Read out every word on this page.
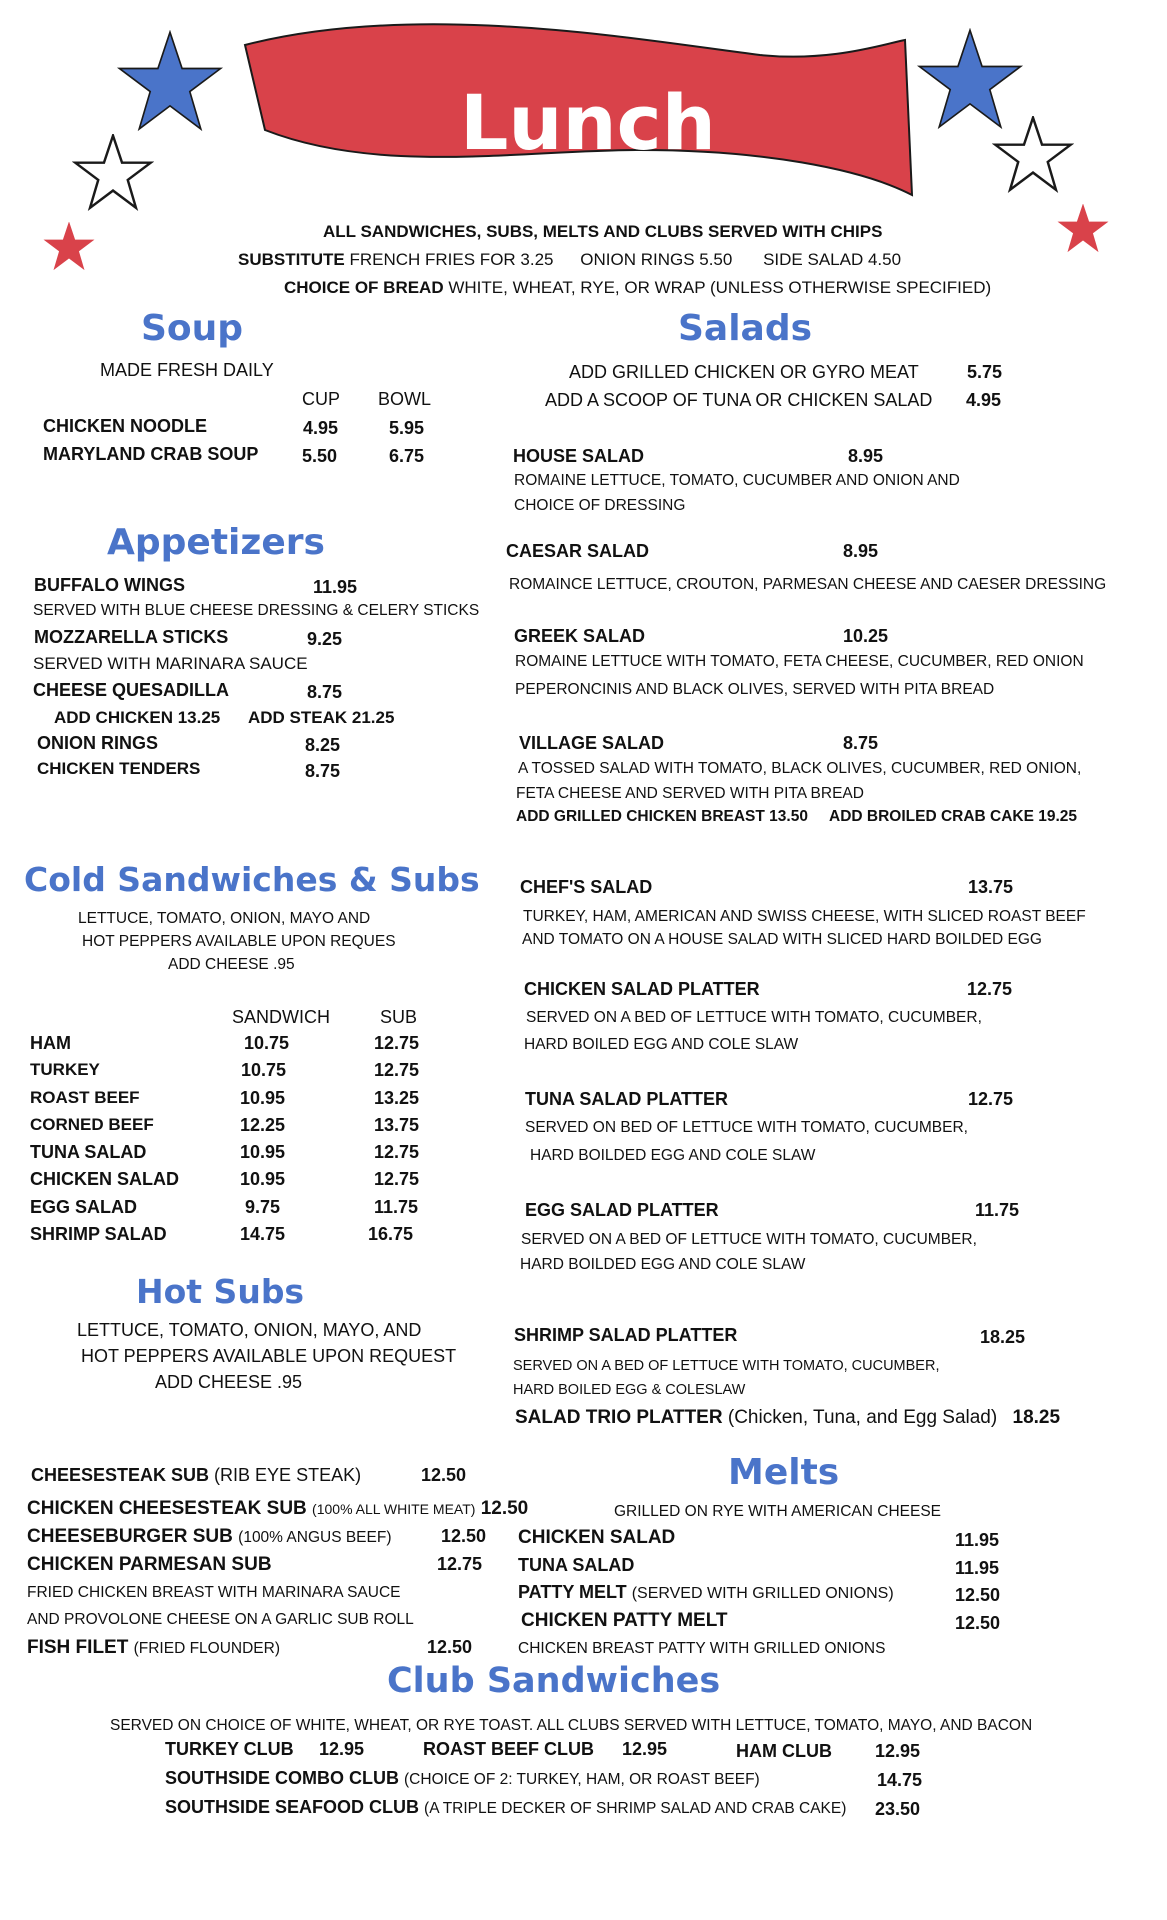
Lunch
ALL SANDWICHES, SUBS, MELTS AND CLUBS SERVED WITH CHIPS
SUBSTITUTE FRENCH FRIES FOR 3.25 ONION RINGS 5.50 SIDE SALAD 4.50
CHOICE OF BREAD WHITE, WHEAT, RYE, OR WRAP (UNLESS OTHERWISE SPECIFIED)
Soup
MADE FRESH DAILY
CUP BOWL
CHICKEN NOODLE	4.95	5.95
MARYLAND CRAB SOUP 5.50	6.75
Appetizers
BUFFALO WINGS	11.95
SERVED WITH BLUE CHEESE DRESSING & CELERY STICKS
MOZZARELLA STICKS	9.25
SERVED WITH MARINARA SAUCE
CHEESE QUESADILLA	8.75
ADD CHICKEN 13.25 ADD STEAK 21.25
ONION RINGS	8.25
CHICKEN TENDERS	8.75
Salads
ADD GRILLED CHICKEN OR GYRO MEAT	5.75
ADD A SCOOP OF TUNA OR CHICKEN SALAD 4.95
HOUSE SALAD	8.95
ROMAINE LETTUCE, TOMATO, CUCUMBER AND ONION AND
CHOICE OF DRESSING
CAESAR SALAD	8.95
ROMAINCE LETTUCE, CROUTON, PARMESAN CHEESE AND CAESER DRESSING
GREEK SALAD	10.25
ROMAINE LETTUCE WITH TOMATO, FETA CHEESE, CUCUMBER, RED ONION
PEPERONCINIS AND BLACK OLIVES, SERVED WITH PITA BREAD
VILLAGE SALAD	8.75
A TOSSED SALAD WITH TOMATO, BLACK OLIVES, CUCUMBER, RED ONION,
FETA CHEESE AND SERVED WITH PITA BREAD
ADD GRILLED CHICKEN BREAST 13.50 ADD BROILED CRAB CAKE 19.25
CHEF'S SALAD	13.75
TURKEY, HAM, AMERICAN AND SWISS CHEESE, WITH SLICED ROAST BEEF
AND TOMATO ON A HOUSE SALAD WITH SLICED HARD BOILDED EGG
CHICKEN SALAD PLATTER	12.75
SERVED ON A BED OF LETTUCE WITH TOMATO, CUCUMBER,
HARD BOILED EGG AND COLE SLAW
TUNA SALAD PLATTER	12.75
SERVED ON BED OF LETTUCE WITH TOMATO, CUCUMBER,
HARD BOILDED EGG AND COLE SLAW
EGG SALAD PLATTER	11.75
SERVED ON A BED OF LETTUCE WITH TOMATO, CUCUMBER,
HARD BOILDED EGG AND COLE SLAW
SHRIMP SALAD PLATTER	18.25
SERVED ON A BED OF LETTUCE WITH TOMATO, CUCUMBER,
HARD BOILED EGG & COLESLAW
SALAD TRIO PLATTER (Chicken, Tuna, and Egg Salad) 18.25
Cold Sandwiches & Subs
LETTUCE, TOMATO, ONION, MAYO AND
HOT PEPPERS AVAILABLE UPON REQUES
ADD CHEESE .95
SANDWICH	SUB
HAM	10.75	12.75
TURKEY	10.75	12.75
ROAST BEEF	10.95	13.25
CORNED BEEF	12.25	13.75
TUNA SALAD	10.95	12.75
CHICKEN SALAD	10.95	12.75
EGG SALAD	9.75	11.75
SHRIMP SALAD	14.75	16.75
Hot Subs
LETTUCE, TOMATO, ONION, MAYO, AND
HOT PEPPERS AVAILABLE UPON REQUEST
ADD CHEESE .95
CHEESESTEAK SUB (RIB EYE STEAK)	12.50
CHICKEN CHEESESTEAK SUB (100% ALL WHITE MEAT) 12.50
CHEESEBURGER SUB (100% ANGUS BEEF)	12.50
CHICKEN PARMESAN SUB	12.75
FRIED CHICKEN BREAST WITH MARINARA SAUCE
AND PROVOLONE CHEESE ON A GARLIC SUB ROLL
FISH FILET (FRIED FLOUNDER)	12.50
Melts
GRILLED ON RYE WITH AMERICAN CHEESE
CHICKEN SALAD	11.95
TUNA SALAD	11.95
PATTY MELT (SERVED WITH GRILLED ONIONS)	12.50
CHICKEN PATTY MELT	12.50
CHICKEN BREAST PATTY WITH GRILLED ONIONS
Club Sandwiches
SERVED ON CHOICE OF WHITE, WHEAT, OR RYE TOAST. ALL CLUBS SERVED WITH LETTUCE, TOMATO, MAYO, AND BACON
TURKEY CLUB 12.95	ROAST BEEF CLUB 12.95	HAM CLUB 12.95
SOUTHSIDE COMBO CLUB (CHOICE OF 2: TURKEY, HAM, OR ROAST BEEF)	14.75
SOUTHSIDE SEAFOOD CLUB (A TRIPLE DECKER OF SHRIMP SALAD AND CRAB CAKE) 23.50
